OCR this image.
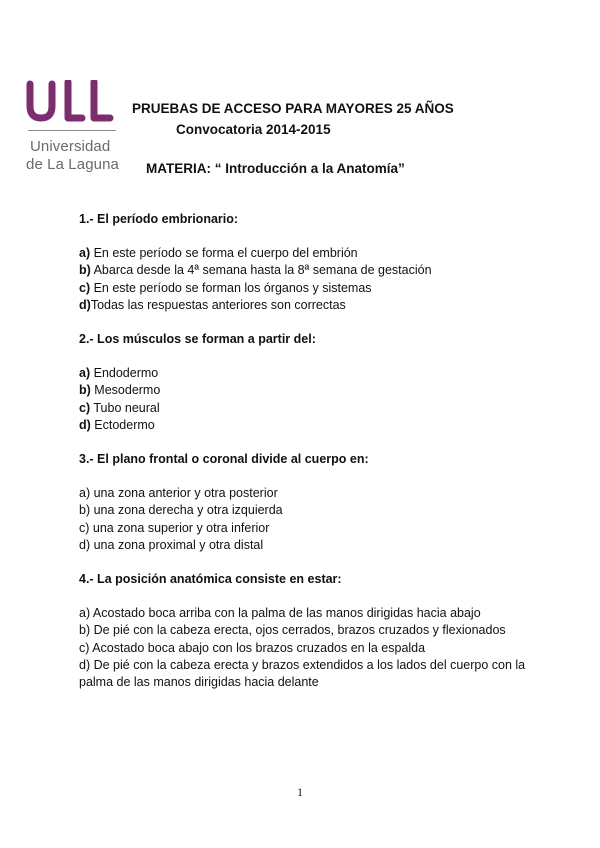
Universidad
de La Laguna
PRUEBAS DE ACCESO PARA MAYORES 25 AÑOS
Convocatoria 2014-2015
MATERIA: “ Introducción a la Anatomía”

1.- El período embrionario:

a) En este período se forma el cuerpo del embrión

b) Abarca desde la 4ª semana hasta la 8ª semana de gestación

c) En este período se forman los órganos y sistemas

d)Todas las respuestas anteriores son correctas

2.- Los músculos se forman a partir del:

a) Endodermo

b) Mesodermo

c) Tubo neural

d) Ectodermo

3.- El plano frontal o coronal divide al cuerpo en:

a) una zona anterior y otra posterior

b) una zona derecha y otra izquierda

c) una zona superior y otra inferior

d) una zona proximal y otra distal

4.- La posición anatómica consiste en estar:

a) Acostado boca arriba con la palma de las manos dirigidas hacia abajo

b) De pié con la cabeza erecta, ojos cerrados, brazos cruzados y flexionados

c) Acostado boca abajo con los brazos cruzados en la espalda

d) De pié con la cabeza erecta y brazos extendidos a los lados del cuerpo con la palma de las manos dirigidas hacia delante

1
